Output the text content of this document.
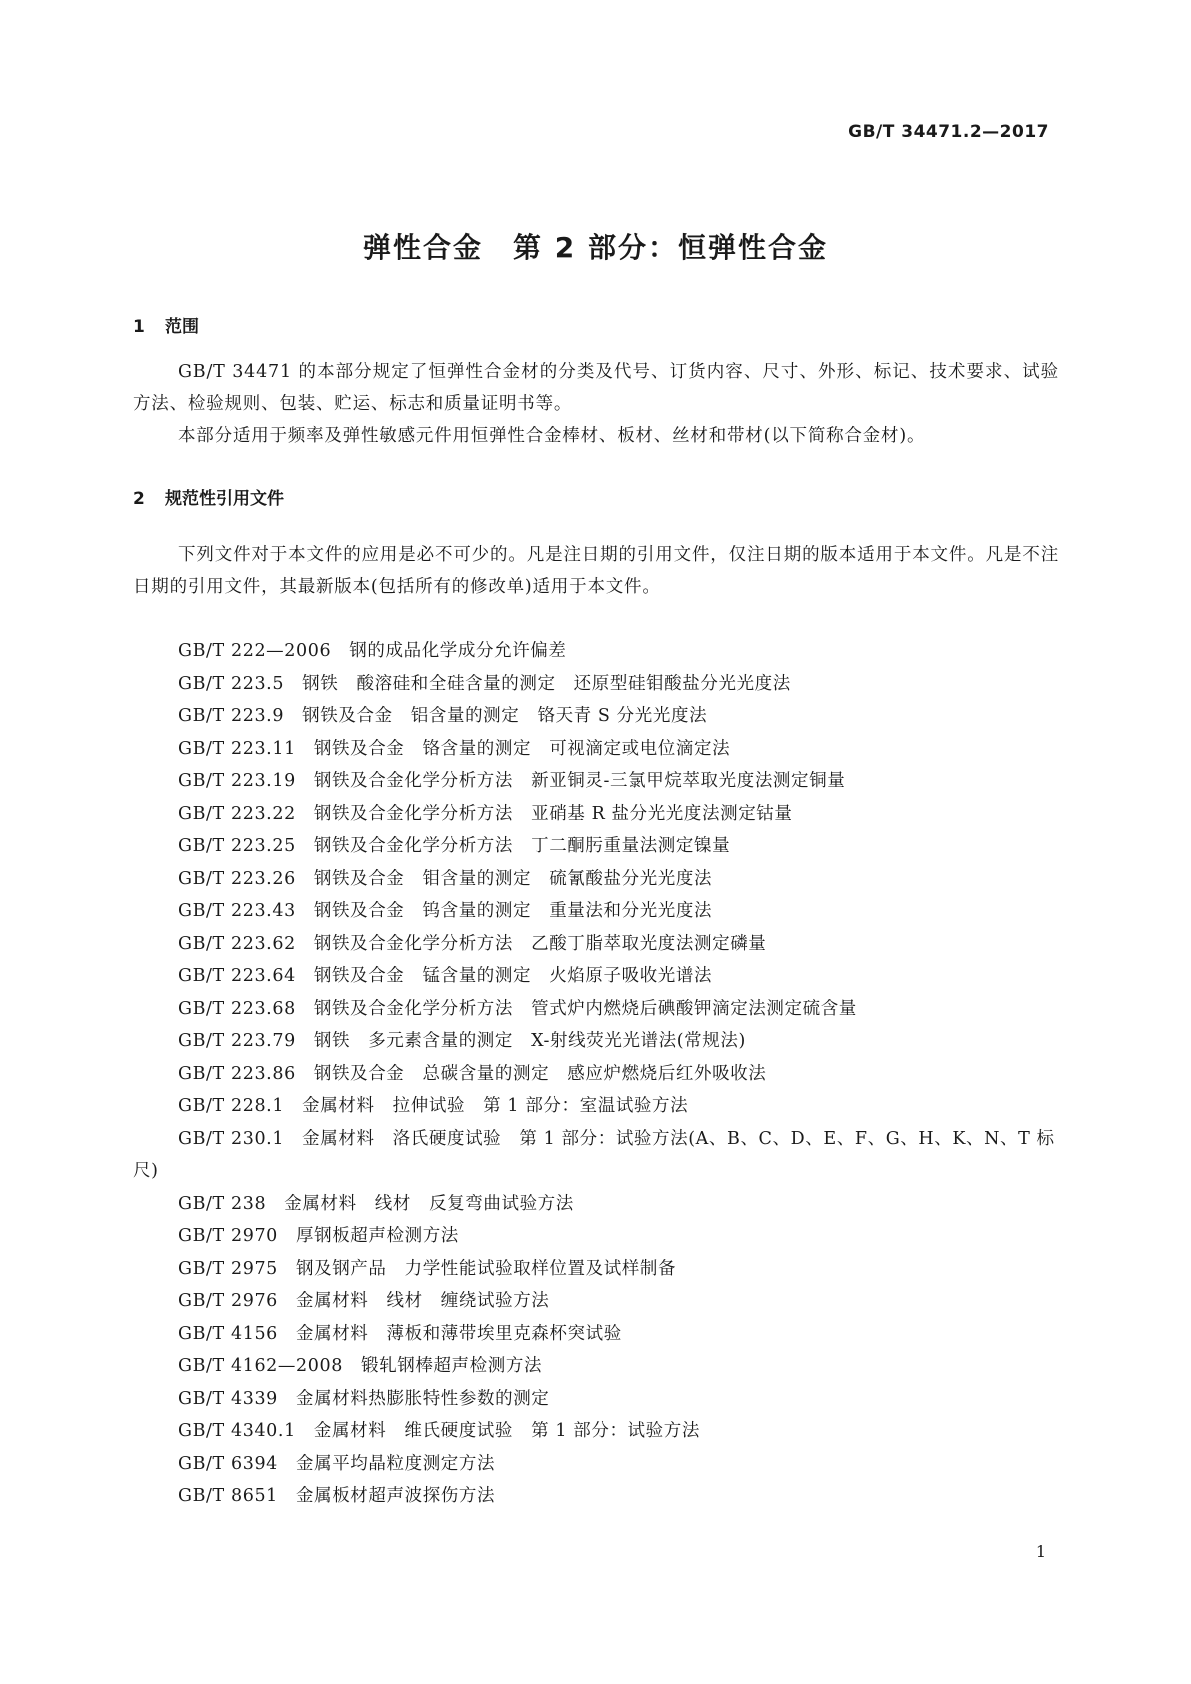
GB/T 34471.2—2017
弹性合金　第 2 部分：恒弹性合金
1 范围

GB/T 34471 的本部分规定了恒弹性合金材的分类及代号、订货内容、尺寸、外形、标记、技术要求、试验方法、检验规则、包装、贮运、标志和质量证明书等。

本部分适用于频率及弹性敏感元件用恒弹性合金棒材、板材、丝材和带材(以下简称合金材)。

2 规范性引用文件

下列文件对于本文件的应用是必不可少的。凡是注日期的引用文件，仅注日期的版本适用于本文件。凡是不注日期的引用文件，其最新版本(包括所有的修改单)适用于本文件。

GB/T 222—2006　钢的成品化学成分允许偏差
GB/T 223.5　钢铁　酸溶硅和全硅含量的测定　还原型硅钼酸盐分光光度法
GB/T 223.9　钢铁及合金　铝含量的测定　铬天青 S 分光光度法
GB/T 223.11　钢铁及合金　铬含量的测定　可视滴定或电位滴定法
GB/T 223.19　钢铁及合金化学分析方法　新亚铜灵-三氯甲烷萃取光度法测定铜量
GB/T 223.22　钢铁及合金化学分析方法　亚硝基 R 盐分光光度法测定钴量
GB/T 223.25　钢铁及合金化学分析方法　丁二酮肟重量法测定镍量
GB/T 223.26　钢铁及合金　钼含量的测定　硫氰酸盐分光光度法
GB/T 223.43　钢铁及合金　钨含量的测定　重量法和分光光度法
GB/T 223.62　钢铁及合金化学分析方法　乙酸丁脂萃取光度法测定磷量
GB/T 223.64　钢铁及合金　锰含量的测定　火焰原子吸收光谱法
GB/T 223.68　钢铁及合金化学分析方法　管式炉内燃烧后碘酸钾滴定法测定硫含量
GB/T 223.79　钢铁　多元素含量的测定　X-射线荧光光谱法(常规法)
GB/T 223.86　钢铁及合金　总碳含量的测定　感应炉燃烧后红外吸收法
GB/T 228.1　金属材料　拉伸试验　第 1 部分：室温试验方法
GB/T 230.1　金属材料　洛氏硬度试验　第 1 部分：试验方法(A、B、C、D、E、F、G、H、K、N、T 标尺)
GB/T 238　金属材料　线材　反复弯曲试验方法
GB/T 2970　厚钢板超声检测方法
GB/T 2975　钢及钢产品　力学性能试验取样位置及试样制备
GB/T 2976　金属材料　线材　缠绕试验方法
GB/T 4156　金属材料　薄板和薄带埃里克森杯突试验
GB/T 4162—2008　锻轧钢棒超声检测方法
GB/T 4339　金属材料热膨胀特性参数的测定
GB/T 4340.1　金属材料　维氏硬度试验　第 1 部分：试验方法
GB/T 6394　金属平均晶粒度测定方法
GB/T 8651　金属板材超声波探伤方法
1
